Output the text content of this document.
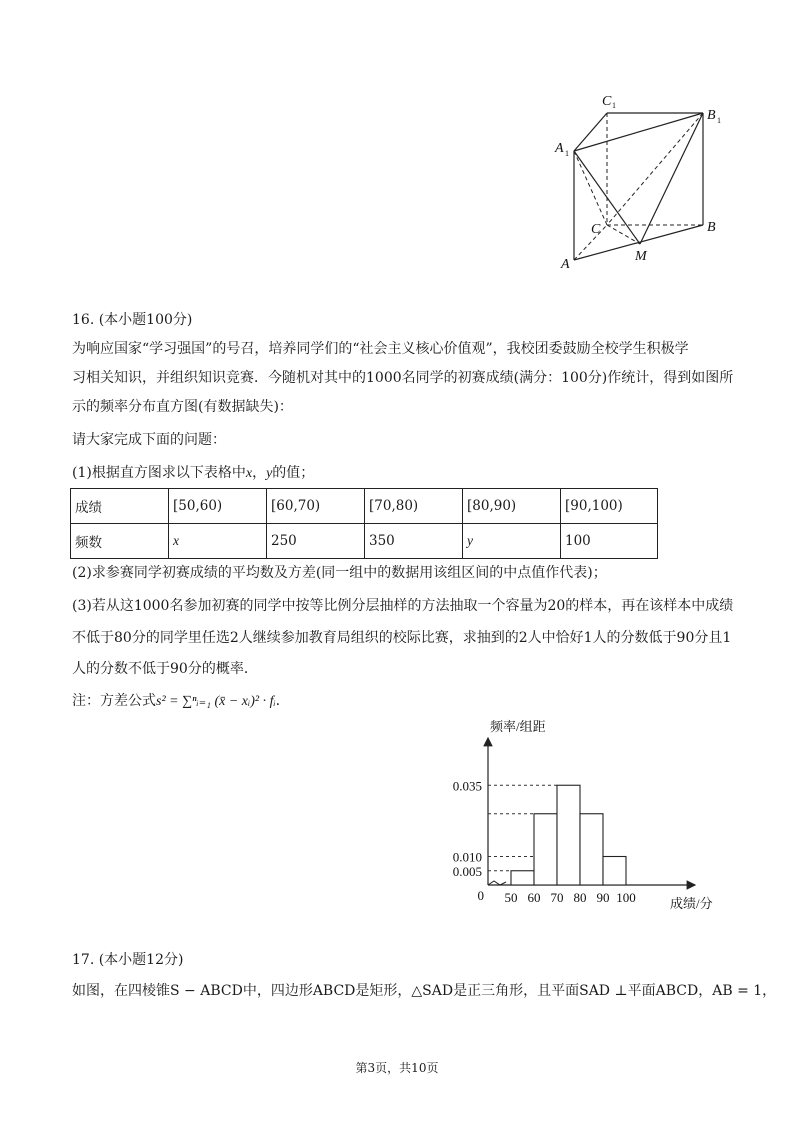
C 1
B 1
A 1
C	B
A
M
16. (本小题100分)
为响应国家“学习强国”的号召，培养同学们的“社会主义核心价值观”，我校团委鼓励全校学生积极学
习相关知识，并组织知识竞赛．今随机对其中的1000名同学的初赛成绩(满分：100分)作统计，得到如图所
示的频率分布直方图(有数据缺失)：
请大家完成下面的问题：
(1)根据直方图求以下表格中x，y的值；
成绩	[50,60)	[60,70)	[70,80)	[80,90)	[90,100)
频数	x	250	350	y	100
(2)求参赛同学初赛成绩的平均数及方差(同一组中的数据用该组区间的中点值作代表)；
(3)若从这1000名参加初赛的同学中按等比例分层抽样的方法抽取一个容量为20的样本，再在该样本中成绩
不低于80分的同学里任选2人继续参加教育局组织的校际比赛，求抽到的2人中恰好1人的分数低于90分且1
人的分数不低于90分的概率．
注：方差公式s² = ∑ⁿᵢ₌₁ (x̄ − xᵢ)² · fᵢ.
0.005
0.010
0.035
50 60 70 80 90 100
0
频率/组距
成绩/分
17. (本小题12分)
如图，在四棱锥S − ABCD中，四边形ABCD是矩形，△SAD是正三角形，且平面SAD ⊥平面ABCD，AB = 1，
第3页，共10页
